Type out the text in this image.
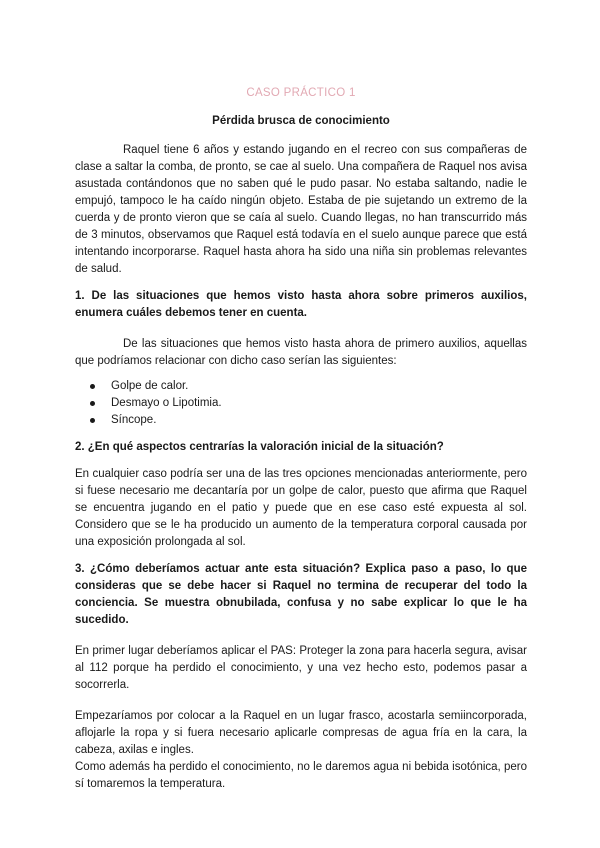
CASO PRÁCTICO 1
Pérdida brusca de conocimiento

Raquel tiene 6 años y estando jugando en el recreo con sus compañeras de clase a saltar la comba, de pronto, se cae al suelo. Una compañera de Raquel nos avisa asustada contándonos que no saben qué le pudo pasar. No estaba saltando, nadie le empujó, tampoco le ha caído ningún objeto. Estaba de pie sujetando un extremo de la cuerda y de pronto vieron que se caía al suelo. Cuando llegas, no han transcurrido más de 3 minutos, observamos que Raquel está todavía en el suelo aunque parece que está intentando incorporarse. Raquel hasta ahora ha sido una niña sin problemas relevantes de salud.

1. De las situaciones que hemos visto hasta ahora sobre primeros auxilios, enumera cuáles debemos tener en cuenta.

De las situaciones que hemos visto hasta ahora de primero auxilios, aquellas que podríamos relacionar con dicho caso serían las siguientes:

Golpe de calor.
Desmayo o Lipotimia.
Síncope.
2. ¿En qué aspectos centrarías la valoración inicial de la situación?

En cualquier caso podría ser una de las tres opciones mencionadas anteriormente, pero si fuese necesario me decantaría por un golpe de calor, puesto que afirma que Raquel se encuentra jugando en el patio y puede que en ese caso esté expuesta al sol. Considero que se le ha producido un aumento de la temperatura corporal causada por una exposición prolongada al sol.

3. ¿Cómo deberíamos actuar ante esta situación? Explica paso a paso, lo que consideras que se debe hacer si Raquel no termina de recuperar del todo la conciencia. Se muestra obnubilada, confusa y no sabe explicar lo que le ha sucedido.

En primer lugar deberíamos aplicar el PAS: Proteger la zona para hacerla segura, avisar al 112 porque ha perdido el conocimiento, y una vez hecho esto, podemos pasar a socorrerla.

Empezaríamos por colocar a la Raquel en un lugar frasco, acostarla semiincorporada, aflojarle la ropa y si fuera necesario aplicarle compresas de agua fría en la cara, la cabeza, axilas e ingles.

Como además ha perdido el conocimiento, no le daremos agua ni bebida isotónica, pero sí tomaremos la temperatura.
